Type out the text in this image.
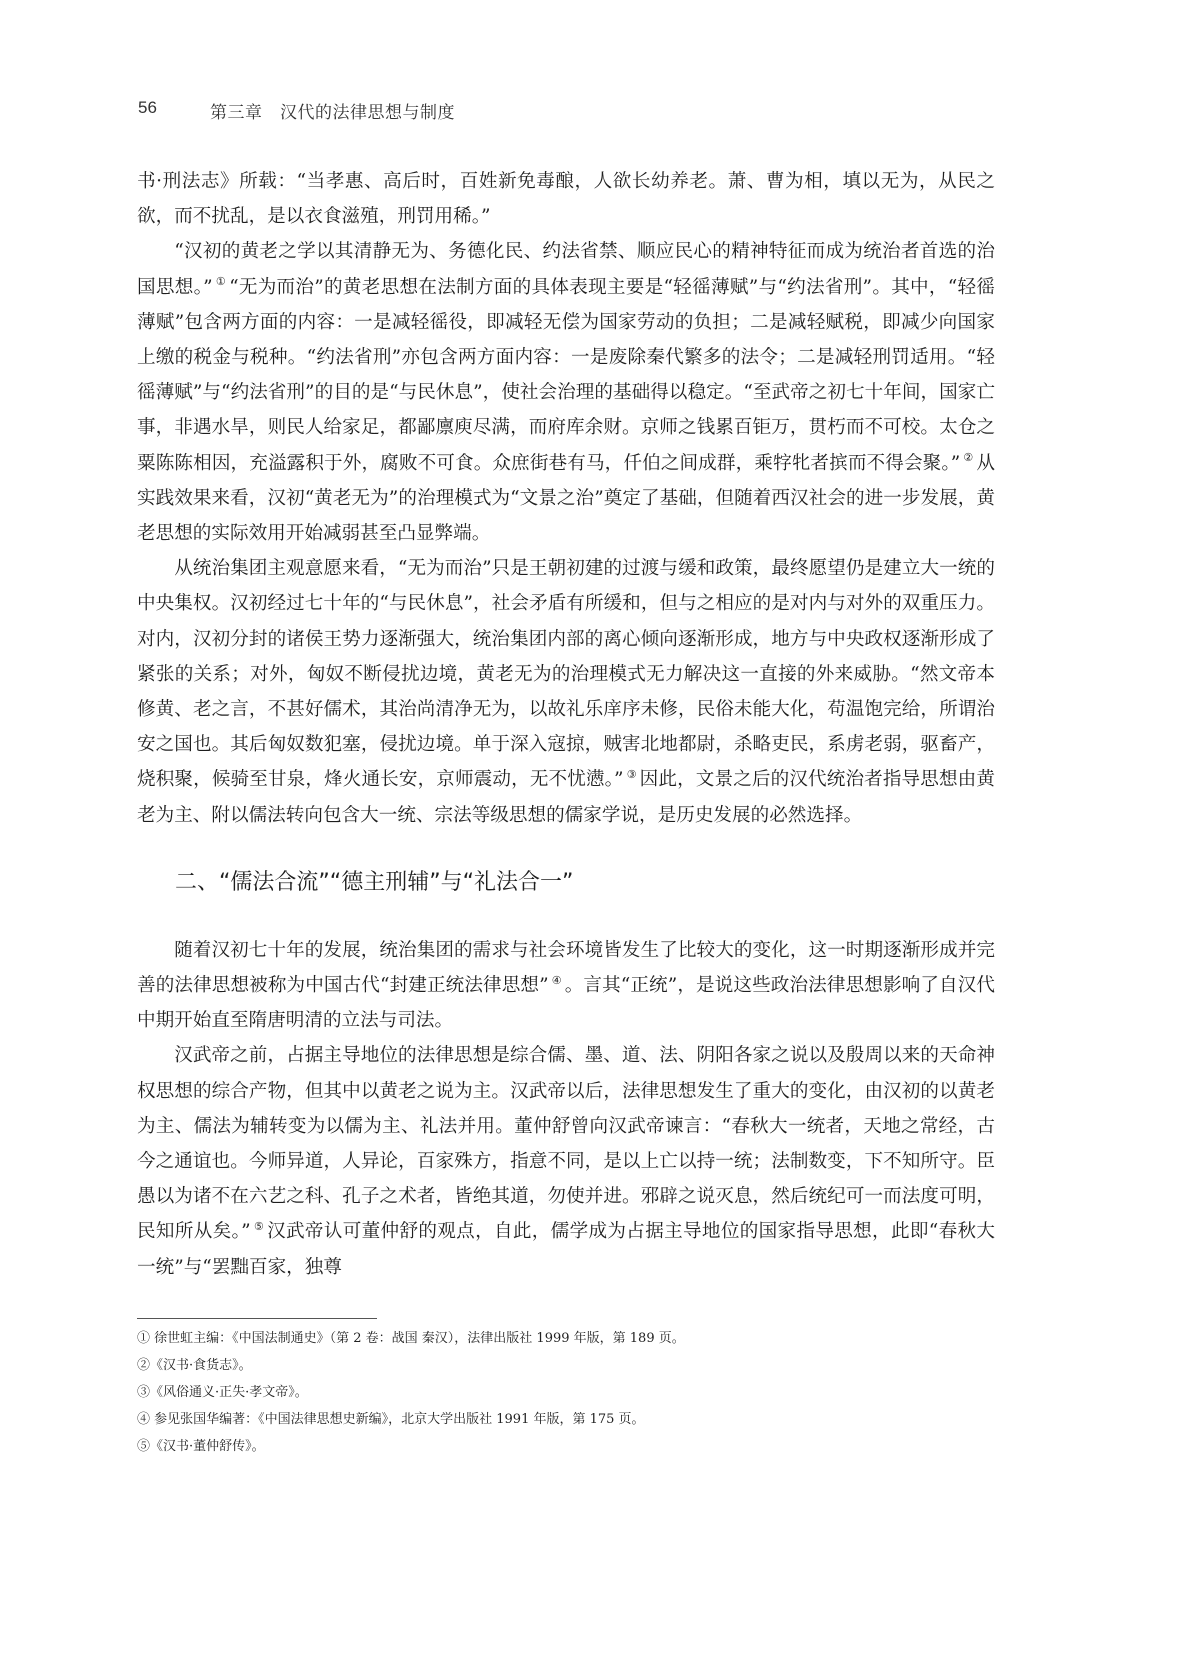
56	第三章　汉代的法律思想与制度

书·刑法志》所载：“当孝惠、高后时，百姓新免毒酿，人欲长幼养老。萧、曹为相，填以无为，从民之欲，而不扰乱，是以衣食滋殖，刑罚用稀。”

“汉初的黄老之学以其清静无为、务德化民、约法省禁、顺应民心的精神特征而成为统治者首选的治国思想。” ① “无为而治”的黄老思想在法制方面的具体表现主要是“轻徭薄赋”与“约法省刑”。其中，“轻徭薄赋”包含两方面的内容：一是减轻徭役，即减轻无偿为国家劳动的负担；二是减轻赋税，即减少向国家上缴的税金与税种。“约法省刑”亦包含两方面内容：一是废除秦代繁多的法令；二是减轻刑罚适用。“轻徭薄赋”与“约法省刑”的目的是“与民休息”，使社会治理的基础得以稳定。“至武帝之初七十年间，国家亡事，非遇水旱，则民人给家足，都鄙廪庾尽满，而府库余财。京师之钱累百钜万，贯朽而不可校。太仓之粟陈陈相因，充溢露积于外，腐败不可食。众庶街巷有马，仟伯之间成群，乘牸牝者摈而不得会聚。” ② 从实践效果来看，汉初“黄老无为”的治理模式为“文景之治”奠定了基础，但随着西汉社会的进一步发展，黄老思想的实际效用开始减弱甚至凸显弊端。

从统治集团主观意愿来看，“无为而治”只是王朝初建的过渡与缓和政策，最终愿望仍是建立大一统的中央集权。汉初经过七十年的“与民休息”，社会矛盾有所缓和，但与之相应的是对内与对外的双重压力。对内，汉初分封的诸侯王势力逐渐强大，统治集团内部的离心倾向逐渐形成，地方与中央政权逐渐形成了紧张的关系；对外，匈奴不断侵扰边境，黄老无为的治理模式无力解决这一直接的外来威胁。“然文帝本修黄、老之言，不甚好儒术，其治尚清净无为，以故礼乐庠序未修，民俗未能大化，苟温饱完给，所谓治安之国也。其后匈奴数犯塞，侵扰边境。单于深入寇掠，贼害北地都尉，杀略吏民，系虏老弱，驱畜产，烧积聚，候骑至甘泉，烽火通长安，京师震动，无不忧懑。” ③ 因此，文景之后的汉代统治者指导思想由黄老为主、附以儒法转向包含大一统、宗法等级思想的儒家学说，是历史发展的必然选择。

二、“儒法合流”“德主刑辅”与“礼法合一”

随着汉初七十年的发展，统治集团的需求与社会环境皆发生了比较大的变化，这一时期逐渐形成并完善的法律思想被称为中国古代“封建正统法律思想” ④ 。言其“正统”，是说这些政治法律思想影响了自汉代中期开始直至隋唐明清的立法与司法。

汉武帝之前，占据主导地位的法律思想是综合儒、墨、道、法、阴阳各家之说以及殷周以来的天命神权思想的综合产物，但其中以黄老之说为主。汉武帝以后，法律思想发生了重大的变化，由汉初的以黄老为主、儒法为辅转变为以儒为主、礼法并用。董仲舒曾向汉武帝谏言：“春秋大一统者，天地之常经，古今之通谊也。今师异道，人异论，百家殊方，指意不同，是以上亡以持一统；法制数变，下不知所守。臣愚以为诸不在六艺之科、孔子之术者，皆绝其道，勿使并进。邪辟之说灭息，然后统纪可一而法度可明，民知所从矣。” ⑤ 汉武帝认可董仲舒的观点，自此，儒学成为占据主导地位的国家指导思想，此即“春秋大一统”与“罢黜百家，独尊

① 徐世虹主编：《中国法制通史》（第 2 卷：战国 秦汉），法律出版社 1999 年版，第 189 页。
②《汉书·食货志》。
③《风俗通义·正失·孝文帝》。
④ 参见张国华编著：《中国法律思想史新编》，北京大学出版社 1991 年版，第 175 页。
⑤《汉书·董仲舒传》。
